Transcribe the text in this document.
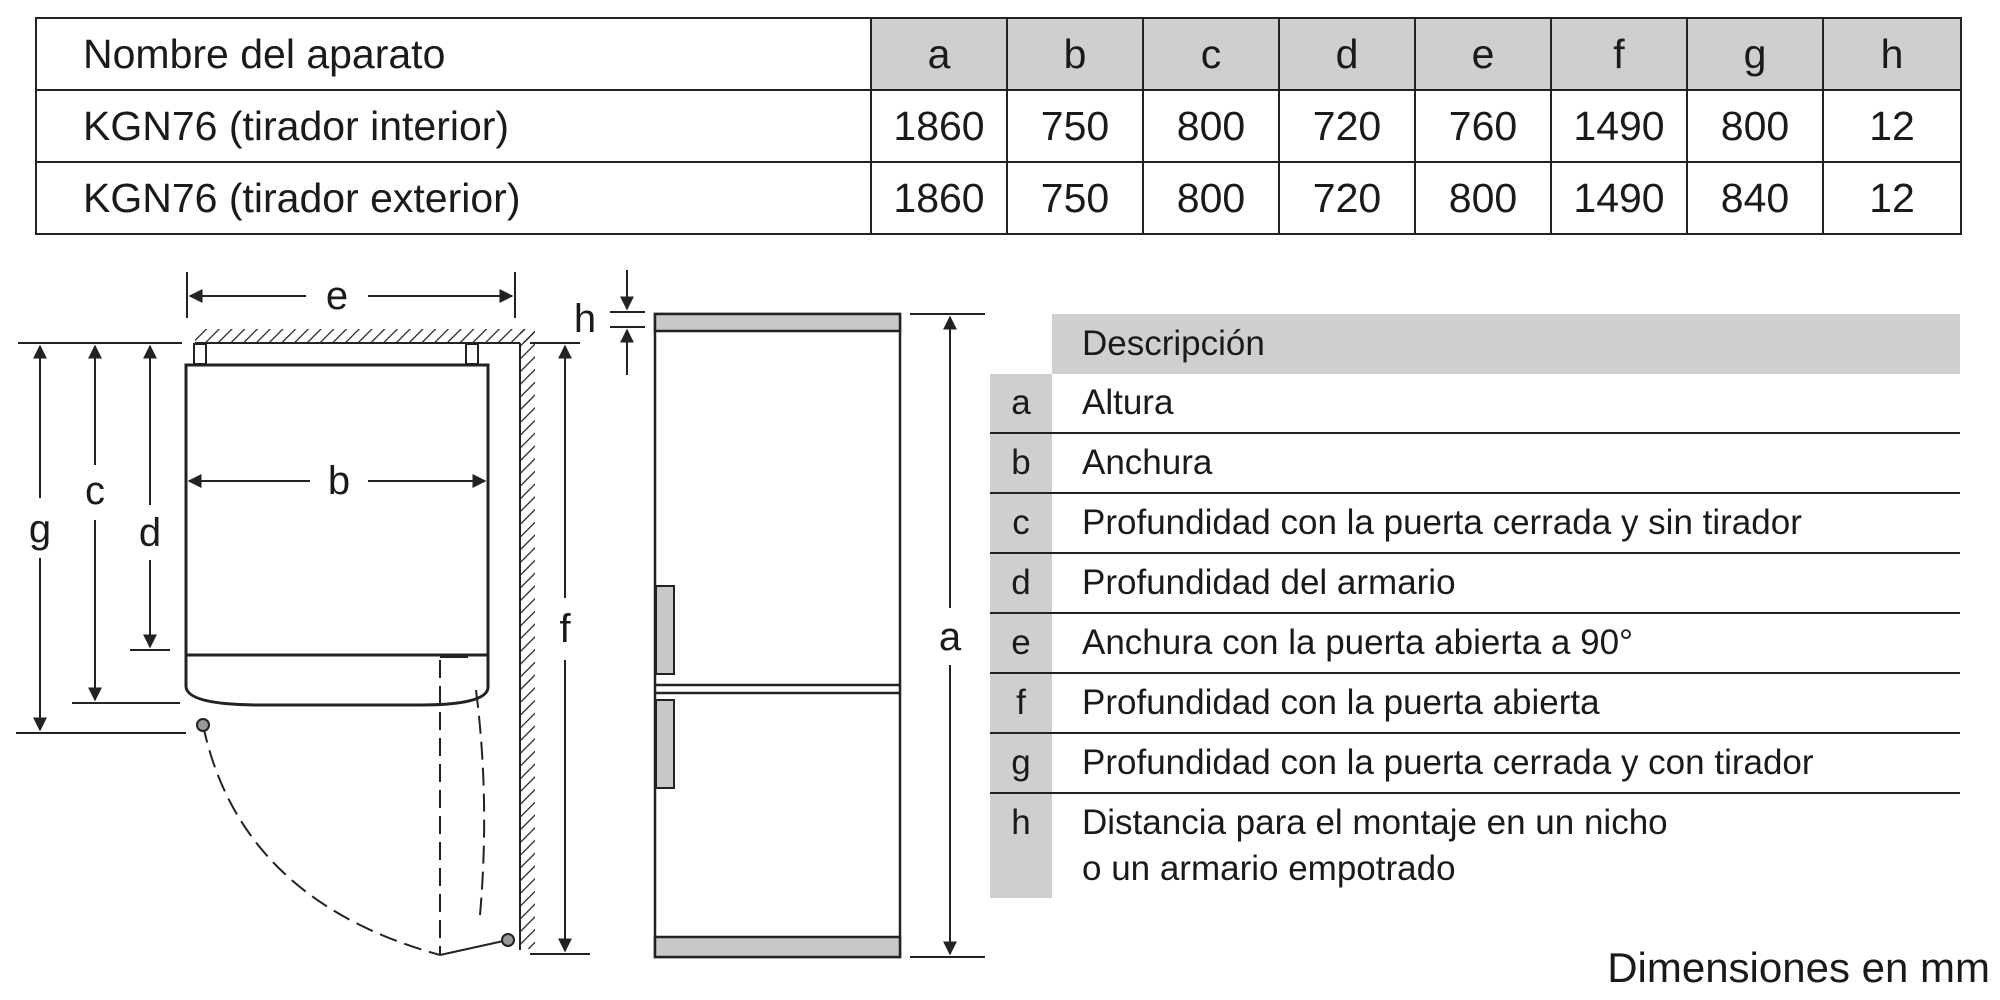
Nombre del aparato	a	b	c	d	e	f	g	h
KGN76 (tirador interior)	1860	750	800	720	760	1490	800	12
KGN76 (tirador exterior)	1860	750	800	720	800	1490	840	12
e
b
g
c
d
f
h
a
Descripción
a	Altura
b	Anchura
c	Profundidad con la puerta cerrada y sin tirador
d	Profundidad del armario
e	Anchura con la puerta abierta a 90°
f	Profundidad con la puerta abierta
g	Profundidad con la puerta cerrada y con tirador
h	Distancia para el montaje en un nicho
o un armario empotrado
Dimensiones en mm
